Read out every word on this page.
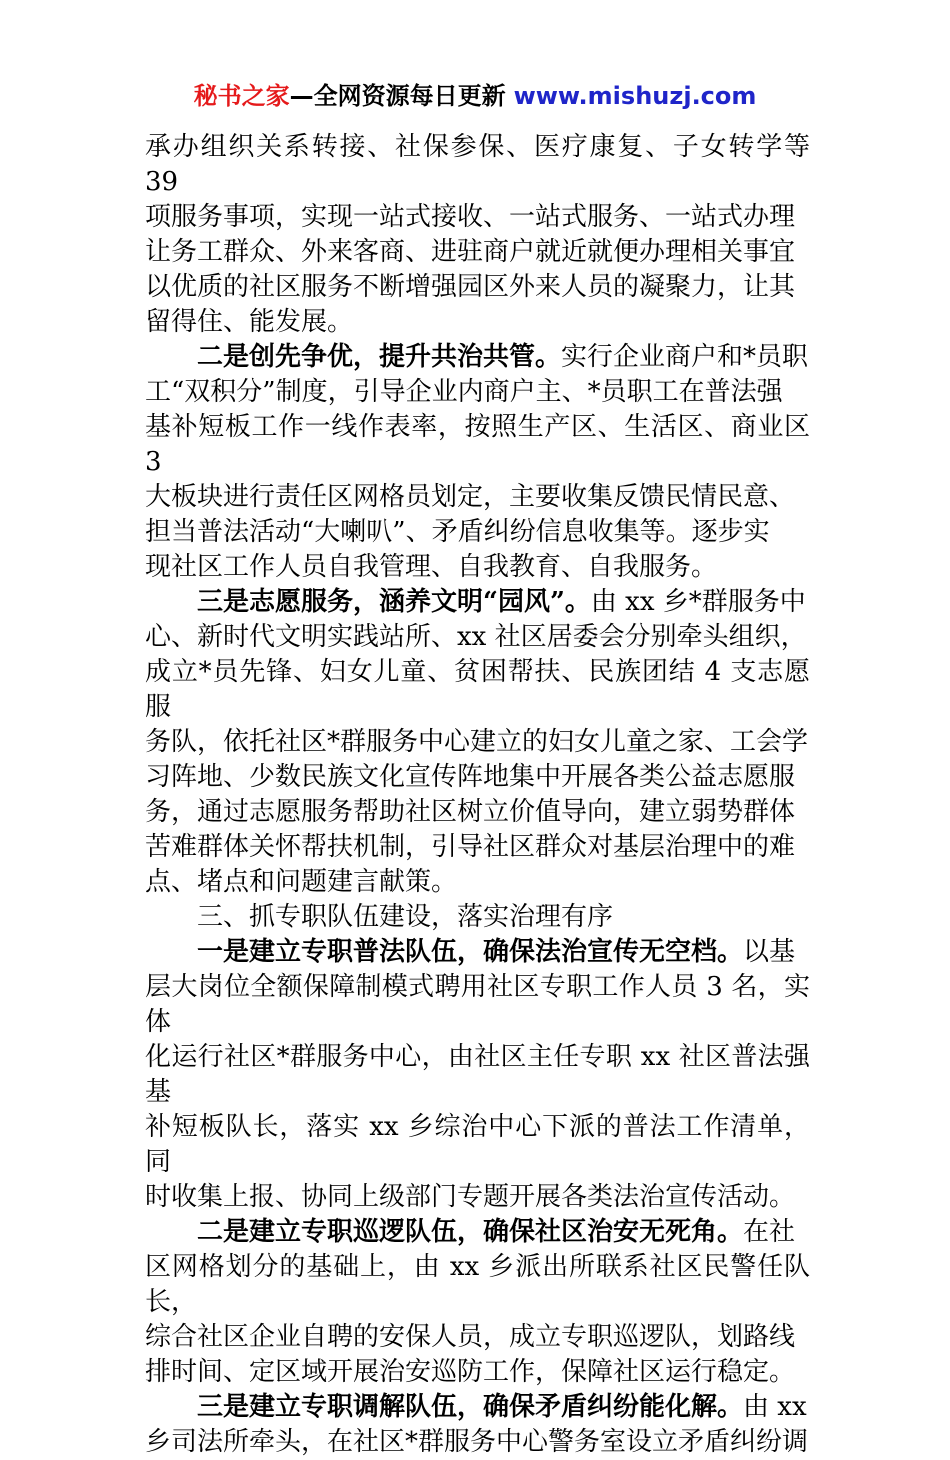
秘书之家—全网资源每日更新 www.mishuzj.com

承办组织关系转接、社保参保、医疗康复、子女转学等 39
项服务事项，实现一站式接收、一站式服务、一站式办理
让务工群众、外来客商、进驻商户就近就便办理相关事宜
以优质的社区服务不断增强园区外来人员的凝聚力，让其
留得住、能发展。

二是创先争优，提升共治共管。实行企业商户和*员职
工“双积分”制度，引导企业内商户主、*员职工在普法强
基补短板工作一线作表率，按照生产区、生活区、商业区 3
大板块进行责任区网格员划定，主要收集反馈民情民意、
担当普法活动“大喇叭”、矛盾纠纷信息收集等。逐步实
现社区工作人员自我管理、自我教育、自我服务。

三是志愿服务，涵养文明“园风”。由 xx 乡*群服务中
心、新时代文明实践站所、xx 社区居委会分别牵头组织，
成立*员先锋、妇女儿童、贫困帮扶、民族团结 4 支志愿服
务队，依托社区*群服务中心建立的妇女儿童之家、工会学
习阵地、少数民族文化宣传阵地集中开展各类公益志愿服
务，通过志愿服务帮助社区树立价值导向，建立弱势群体
苦难群体关怀帮扶机制，引导社区群众对基层治理中的难
点、堵点和问题建言献策。

三、抓专职队伍建设，落实治理有序

一是建立专职普法队伍，确保法治宣传无空档。以基
层大岗位全额保障制模式聘用社区专职工作人员 3 名，实体
化运行社区*群服务中心，由社区主任专职 xx 社区普法强基
补短板队长，落实 xx 乡综治中心下派的普法工作清单，同
时收集上报、协同上级部门专题开展各类法治宣传活动。

二是建立专职巡逻队伍，确保社区治安无死角。在社
区网格划分的基础上，由 xx 乡派出所联系社区民警任队长，
综合社区企业自聘的安保人员，成立专职巡逻队，划路线
排时间、定区域开展治安巡防工作，保障社区运行稳定。

三是建立专职调解队伍，确保矛盾纠纷能化解。由 xx
乡司法所牵头，在社区*群服务中心警务室设立矛盾纠纷调
